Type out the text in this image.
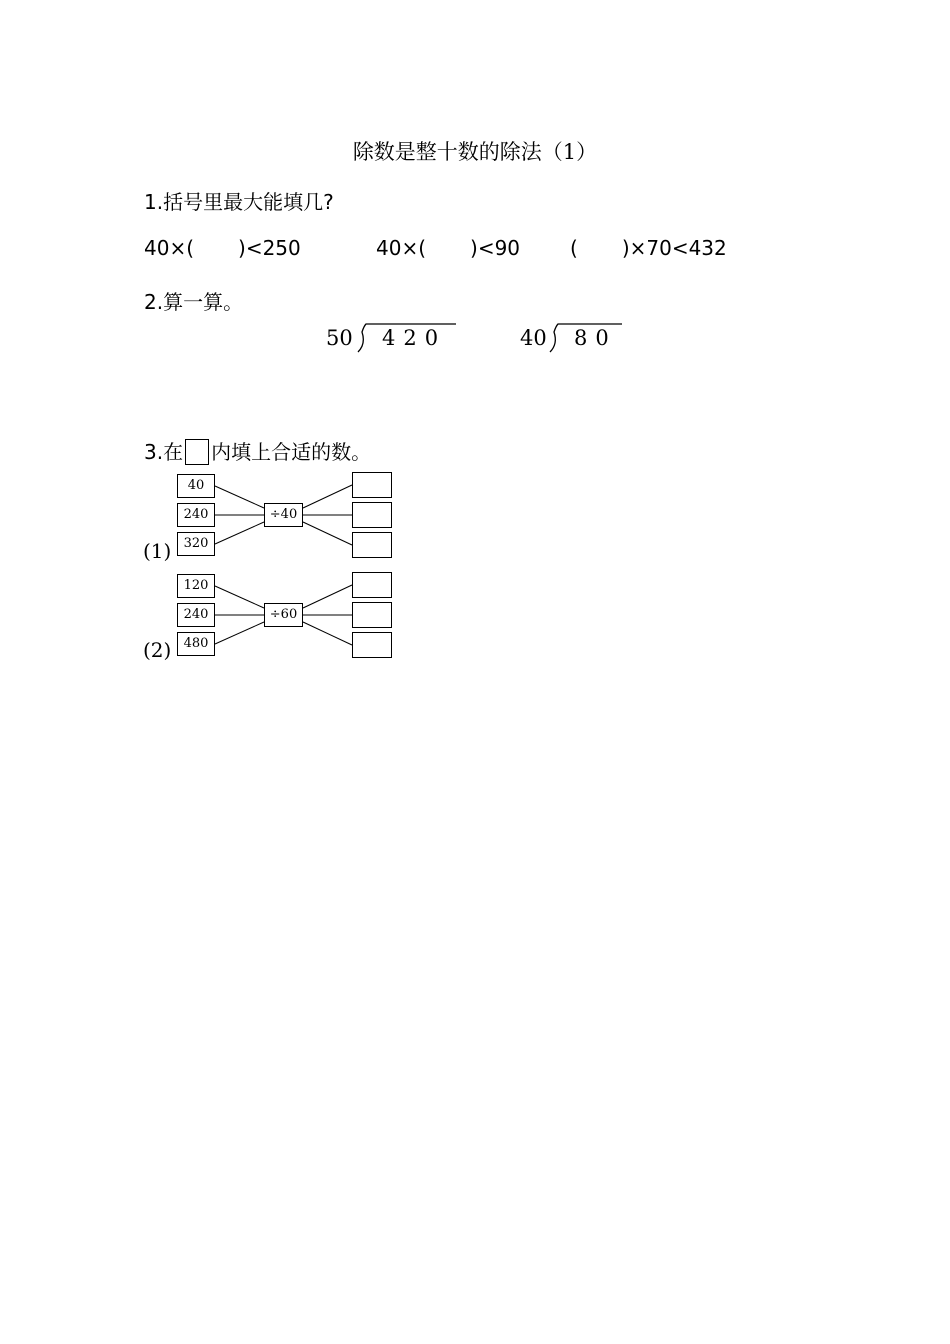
除数是整十数的除法（1）
1.括号里最大能填几?
40×( )<250	40×( )<90 ( )×70<432
2.算一算。
50 420	40 80
3.在 内填上合适的数。
(1)
40
240
320
÷40
(2)
120
240
480
÷60
